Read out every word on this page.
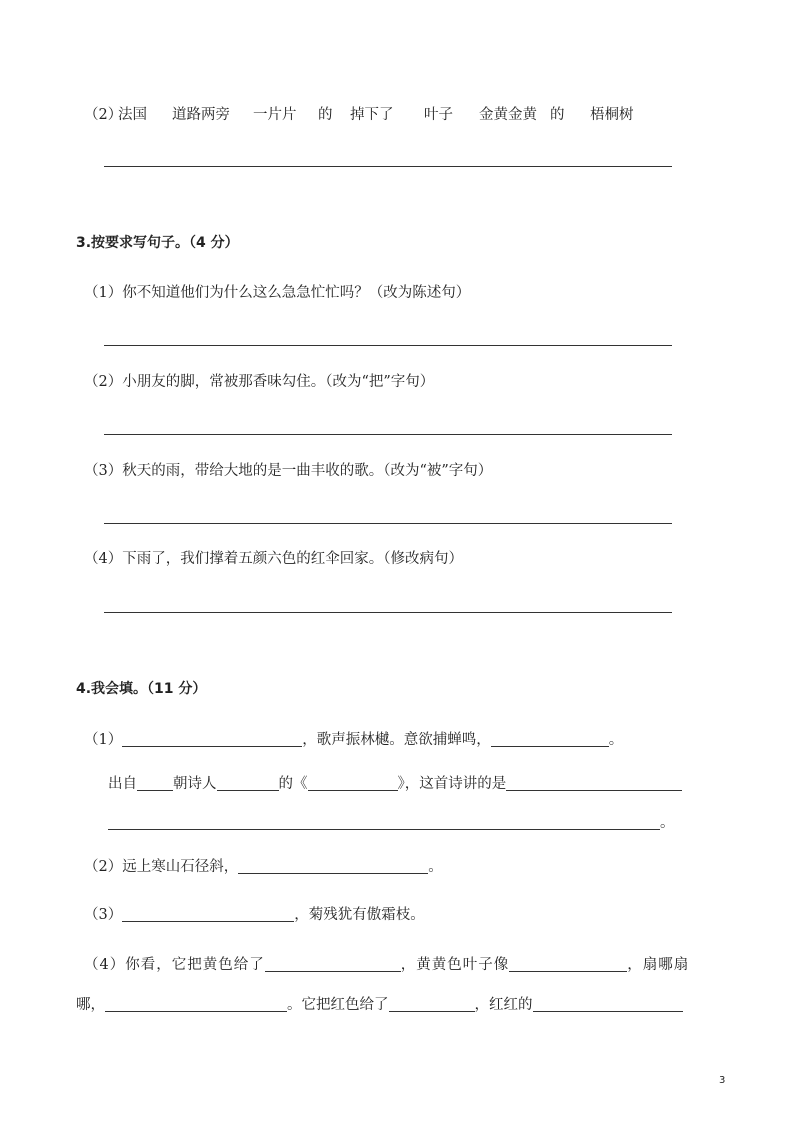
（2）
法国 道路两旁 一片片 的 掉下了 叶子 金黄金黄 的 梧桐树
3.按要求写句子。（4 分）
（1）你不知道他们为什么这么急急忙忙吗？（改为陈述句）
（2）小朋友的脚，常被那香味勾住。（改为“把”字句）
（3）秋天的雨，带给大地的是一曲丰收的歌。（改为“被”字句）
（4）下雨了，我们撑着五颜六色的红伞回家。（修改病句）
4.我会填。（11 分）
（1）	，歌声振林樾。意欲捕蝉鸣，	。
出自 朝诗人	的《	》，这首诗讲的是
。
（2）远上寒山石径斜，	。
（3）	，菊残犹有傲霜枝。
（4）你看，它把黄色给了	，黄黄色叶子像	，扇哪扇
哪，	。它把红色给了	，红红的
3
